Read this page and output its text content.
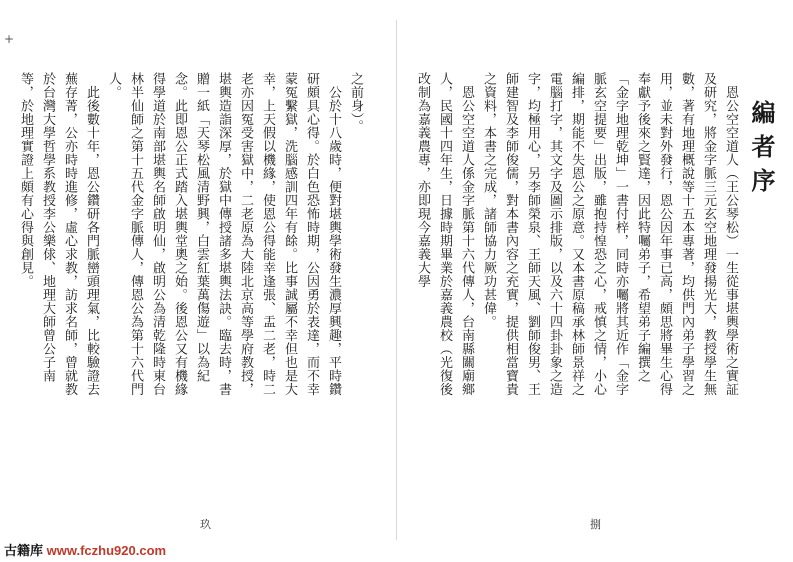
之前身）。
　公於十八歲時，便對堪輿學術發生濃厚興趣，平時鑽研頗具心得。於白色恐怖時期，公因勇於表達，而不幸蒙冤繫獄，洗腦感訓四年有餘。比事誠屬不幸但也是大幸，上天假以機緣，使恩公得能幸逢張、盂二老，時二老亦因冤受害獄中，二老原為大陸北京高等學府教授，堪輿造詣深厚，於獄中傳授諸多堪輿法訣。臨去時，書贈一紙「天琴松風清野興，白雲紅葉萬傷遊」以為紀念。此即恩公正式踏入堪輿堂奧之始。後恩公又有機緣得學道於南部堪輿名師啟明仙，啟明公為清乾隆時東台林半仙師之第十五代金字脈傳人，傳恩公為第十六代門人。
　此後數十年，恩公鑽研各門脈巒頭理氣，比較驗證去蕪存菁，公亦時時進修，虛心求教，訪求名師，曾就教於台灣大學哲學系教授李公樂俅、地理大師曾公子南等，於地理實證上頗有心得與創見。
玖
編者序
　恩公空空道人（王公琴松）一生從事堪輿學術之實証及研究，將金字脈三元玄空地理發揚光大，教授學生無數，著有地理概說等十五本專著，均供門內弟子學習之用，並未對外發行，恩公因年事已高，頗思將畢生心得奉獻予後來之賢達，因此特囑弟子，希望弟子編撰之「金字地理乾坤」一書付梓，同時亦囑將其近作「金字脈玄空提要」出版，雖抱持惶恐之心，戒慎之情，小心編排，期能不失恩公之原意。又本書原稿承林師景祥之電腦打字，其文字及圖示排版，以及六十四卦卦象之造字，均極用心，另李師榮泉、王師天風、劉師俊男、王師建智及李師俊儒，對本書內容之充實，提供相當寶貴之資料，本書之完成，諸師協力厥功甚偉。
　恩公空空道人係金字脈第十六代傳人，台南縣關廟鄉人，民國十四年生，日據時期畢業於嘉義農校（光復後改制為嘉義農專，亦即現今嘉義大學
捌
+
古籍库 www.fczhu920.com
